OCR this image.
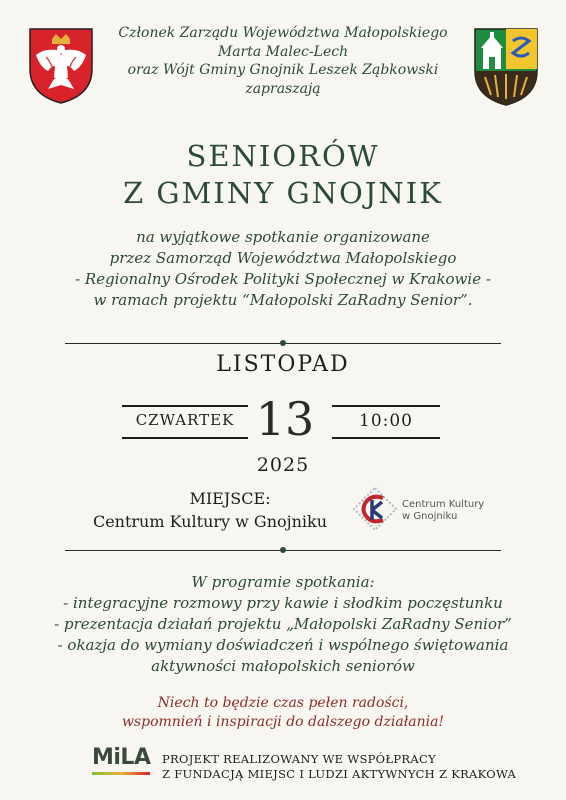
Członek Zarządu Województwa Małopolskiego
Marta Malec-Lech
oraz Wójt Gminy Gnojnik Leszek Ząbkowski
zapraszają
SENIORÓW
Z GMINY GNOJNIK
na wyjątkowe spotkanie organizowane
przez Samorząd Województwa Małopolskiego
- Regionalny Ośrodek Polityki Społecznej w Krakowie -
w ramach projektu “Małopolski ZaRadny Senior”.
LISTOPAD
CZWARTEK 13	10:00
2025
MIEJSCE:
Centrum Kultury w Gnojniku
Centrum Kultury
w Gnojniku
W programie spotkania:
- integracyjne rozmowy przy kawie i słodkim poczęstunku
- prezentacja działań projektu „Małopolski ZaRadny Senior”
- okazja do wymiany doświadczeń i wspólnego świętowania
aktywności małopolskich seniorów
Niech to będzie czas pełen radości,
wspomnień i inspiracji do dalszego działania!
MiLA	PROJEKT REALIZOWANY WE WSPÓŁPRACY
Z FUNDACJĄ MIEJSC I LUDZI AKTYWNYCH Z KRAKOWA
